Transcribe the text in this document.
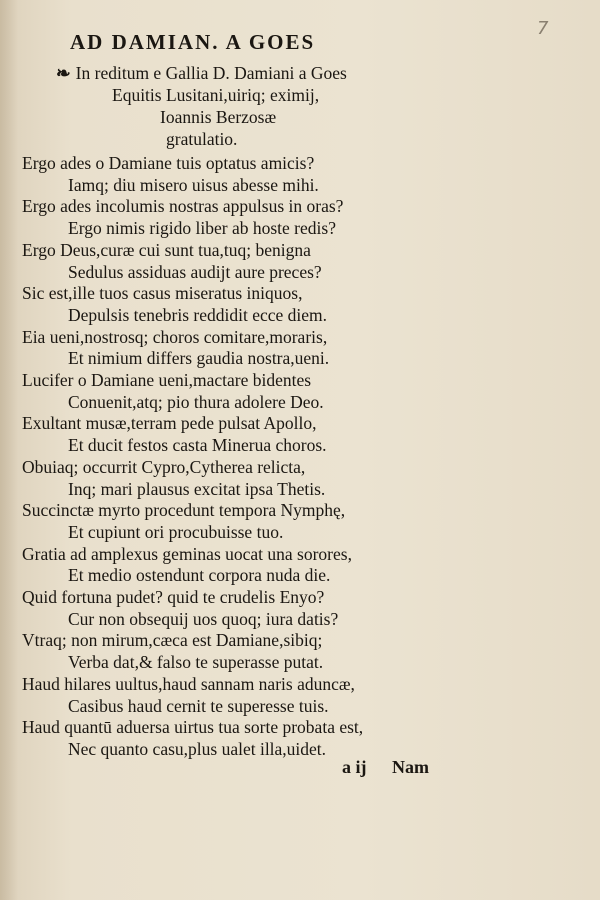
7
AD DAMIAN. A GOES
❧ In reditum e Gallia D. Damiani a Goes
Equitis Lusitani,uiriq; eximij,
Ioannis Berzosæ
gratulatio.
Ergo ades o Damiane tuis optatus amicis?
Iamq; diu misero uisus abesse mihi.
Ergo ades incolumis nostras appulsus in oras?
Ergo nimis rigido liber ab hoste redis?
Ergo Deus,curæ cui sunt tua,tuq; benigna
Sedulus assiduas audijt aure preces?
Sic est,ille tuos casus miseratus iniquos,
Depulsis tenebris reddidit ecce diem.
Eia ueni,nostrosq; choros comitare,moraris,
Et nimium differs gaudia nostra,ueni.
Lucifer o Damiane ueni,mactare bidentes
Conuenit,atq; pio thura adolere Deo.
Exultant musæ,terram pede pulsat Apollo,
Et ducit festos casta Minerua choros.
Obuiaq; occurrit Cypro,Cytherea relicta,
Inq; mari plausus excitat ipsa Thetis.
Succinctæ myrto procedunt tempora Nymphę,
Et cupiunt ori procubuisse tuo.
Gratia ad amplexus geminas uocat una sorores,
Et medio ostendunt corpora nuda die.
Quid fortuna pudet? quid te crudelis Enyo?
Cur non obsequij uos quoq; iura datis?
Vtraq; non mirum,cæca est Damiane,sibiq;
Verba dat,& falso te superasse putat.
Haud hilares uultus,haud sannam naris aduncæ,
Casibus haud cernit te superesse tuis.
Haud quantū aduersa uirtus tua sorte probata est,
Nec quanto casu,plus ualet illa,uidet.
a ij Nam
